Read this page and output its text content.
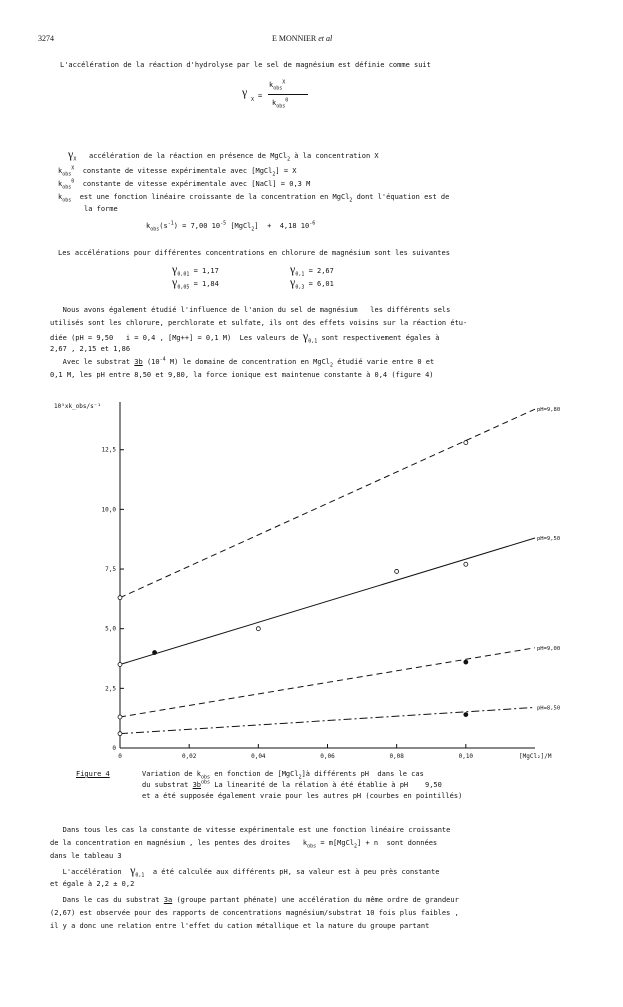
3274	E MONNIER et al
L'accélération de la réaction d'hydrolyse par le sel de magnésium est définie comme suit

γ

X

=

$k_{obs}^X$

$k_{obs}^0$

$\gamma_X$ accélération de la réaction en présence de MgCl$_2$ à la concentration X
$k_{obs}^X$ constante de vitesse expérimentale avec [MgCl$_2$] = X
$k_{obs}^0$ constante de vitesse expérimentale avec [NaCl] = 0,3 M
$k_{obs}$ est une fonction linéaire croissante de la concentration en MgCl$_2$ dont l'équation est de
la forme
$k_{obs}(s^{-1}) = 7,00$ $10^{-5}$ [MgCl$_2$]  +  4,18 $10^{-6}$
Les accélérations pour différentes concentrations en chlorure de magnésium sont les suivantes
$\gamma_{0,01} = 1,17$	$\gamma_{0,1} = 2,67$
$\gamma_{0,05} = 1,84$	$\gamma_{0,3} = 6,01$
Nous avons également étudié l'influence de l'anion du sel de magnésium   les différents sels
utilisés sont les chlorure, perchlorate et sulfate, ils ont des effets voisins sur la réaction étu-
diée (pH = 9,50   i = 0,4 , [Mg++] = 0,1 M)  Les valeurs de $\gamma_{0,1}$ sont respectivement égales à
2,67 , 2,15 et 1,86
Avec le substrat 3b ($10^{-4}$ M) le domaine de concentration en MgCl$_2$ étudié varie entre 0 et
0,1 M, les pH entre 8,50 et 9,80, la force ionique est maintenue constante à 0,4 (figure 4)
0	0,02	0,04	0,06	0,08	0,10
0
2,5
5,0
7,5
10,0
12,5
10⁵xk_obs/s⁻¹
[MgCl₂]/M
pH=9,80
pH=9,50
pH=9,00
pH=8,50
Figure 4	Variation de $k_{obs}$ en fonction de [MgCl$_2$]à différents pH  dans le cas
du substrat $3b^{obs}$ La linearité de la rélation à été établie à pH    9,50
et a été supposée également vraie pour les autres pH (courbes en pointillés)
Dans tous les cas la constante de vitesse expérimentale est une fonction linéaire croissante
de la concentration en magnésium , les pentes des droites   $k_{obs}$ = m[MgCl$_2$] + n  sont données
dans le tableau 3
L'accélération $\gamma_{0,1}$ a été calculée aux différents pH, sa valeur est à peu près constante
et égale à 2,2 ± 0,2
Dans le cas du substrat 3a (groupe partant phénate) une accélération du même ordre de grandeur
(2,67) est observée pour des rapports de concentrations magnésium/substrat 10 fois plus faibles ,
il y a donc une relation entre l'effet du cation métallique et la nature du groupe partant
